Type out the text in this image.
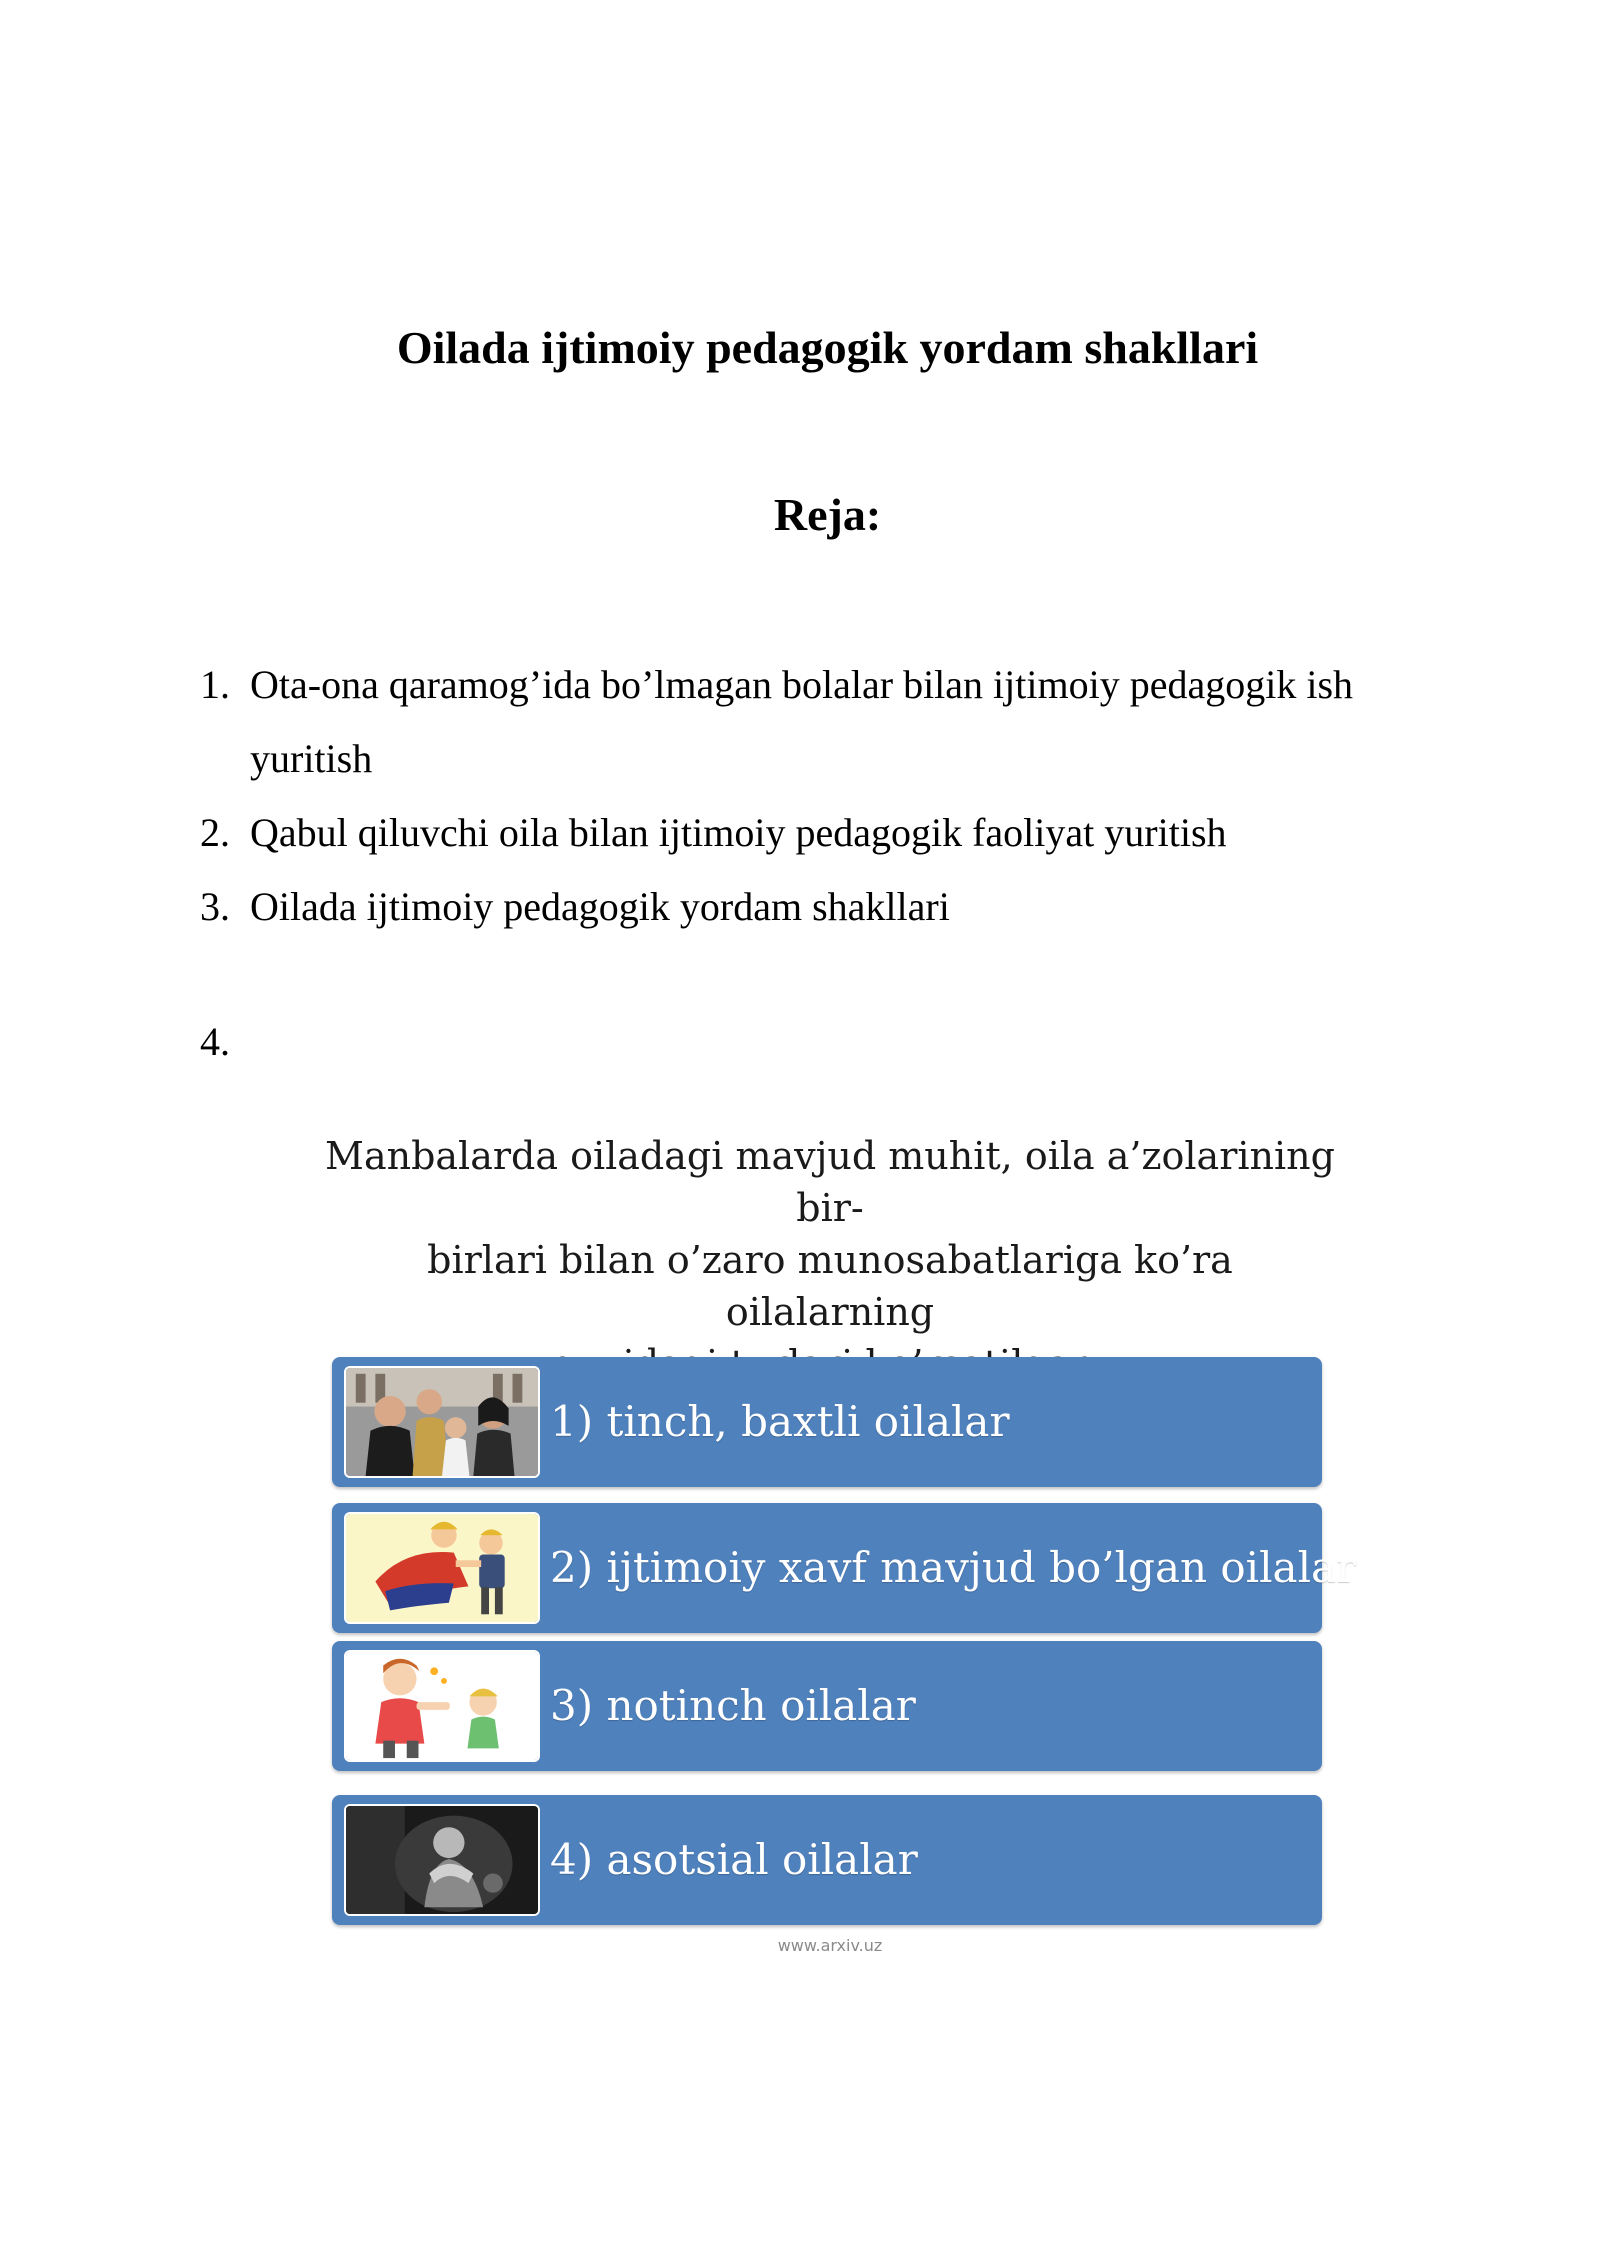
Oilada ijtimoiy pedagogik yordam shakllari
Reja:
1. Ota-ona qaramog’ida bo’lmagan bolalar bilan ijtimoiy pedagogik ish yuritish
2. Qabul qiluvchi oila bilan ijtimoiy pedagogik faoliyat yuritish
3. Oilada ijtimoiy pedagogik yordam shakllari
4.

Manbalarda oiladagi mavjud muhit, oila a’zolarining bir-
birlari bilan o’zaro munosabatlariga ko’ra oilalarning

1) tinch, baxtli oilalar
2) ijtimoiy xavf mavjud bo’lgan oilalar
3) notinch oilalar
4) asotsial oilalar
www.arxiv.uz
